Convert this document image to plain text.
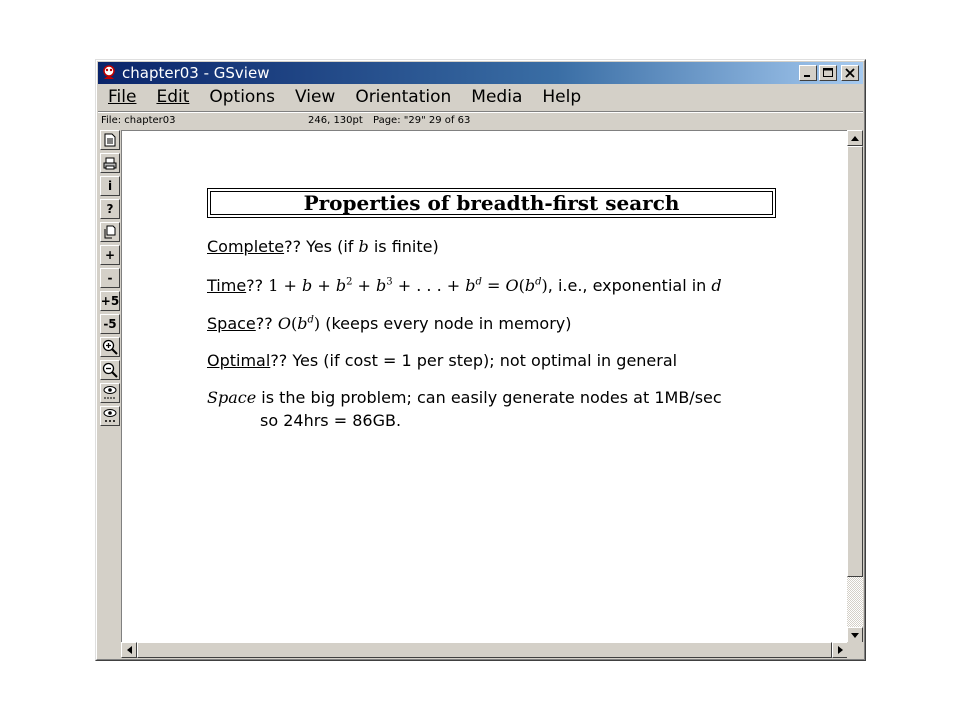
chapter03 - GSview
File	Edit	Options	View	Orientation	Media	Help
File: chapter03	246, 130pt Page: "29" 29 of 63
i
?
+
-
+5
-5
Properties of breadth-first search
Complete?? Yes (if b is finite)
Time?? $1 + b + b^2 + b^3$ + . . . + $b^d = O(b^d)$, i.e., exponential in d
Space?? $O(b^d)$ (keeps every node in memory)
Optimal?? Yes (if cost = 1 per step); not optimal in general
Space is the big problem; can easily generate nodes at 1MB/sec
so 24hrs = 86GB.
